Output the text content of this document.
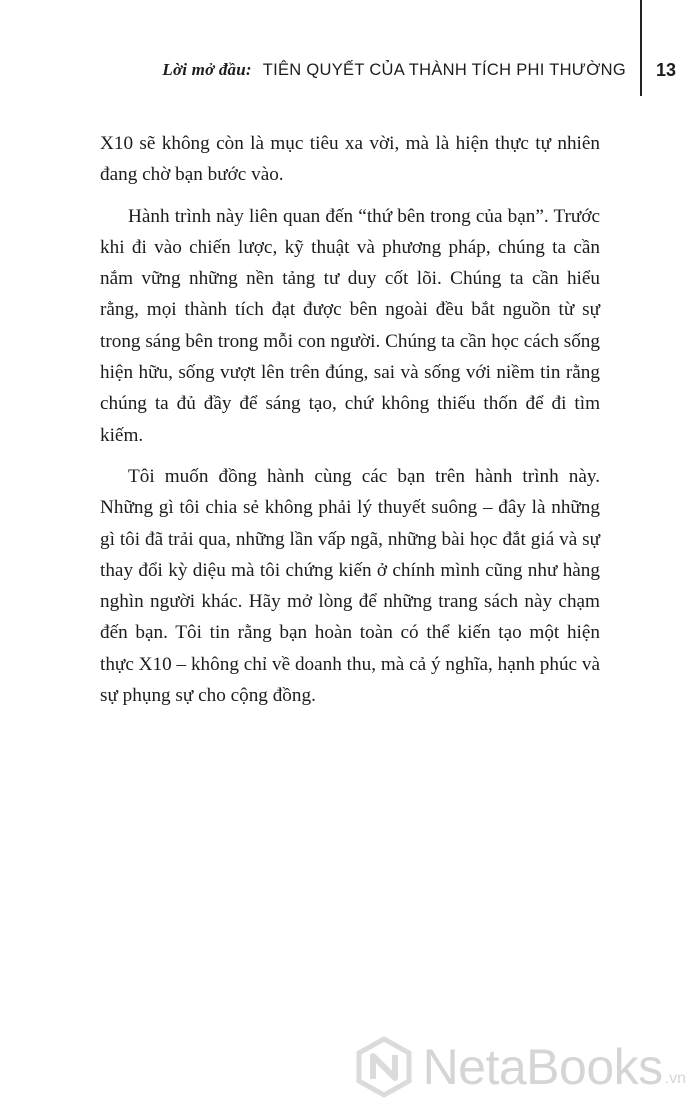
Lời mở đầu: TIÊN QUYẾT CỦA THÀNH TÍCH PHI THƯỜNG 13

X10 sẽ không còn là mục tiêu xa vời, mà là hiện thực tự nhiên đang chờ bạn bước vào.

Hành trình này liên quan đến “thứ bên trong của bạn”. Trước khi đi vào chiến lược, kỹ thuật và phương pháp, chúng ta cần nắm vững những nền tảng tư duy cốt lõi. Chúng ta cần hiểu rằng, mọi thành tích đạt được bên ngoài đều bắt nguồn từ sự trong sáng bên trong mỗi con người. Chúng ta cần học cách sống hiện hữu, sống vượt lên trên đúng, sai và sống với niềm tin rằng chúng ta đủ đầy để sáng tạo, chứ không thiếu thốn để đi tìm kiếm.

Tôi muốn đồng hành cùng các bạn trên hành trình này. Những gì tôi chia sẻ không phải lý thuyết suông – đây là những gì tôi đã trải qua, những lần vấp ngã, những bài học đắt giá và sự thay đổi kỳ diệu mà tôi chứng kiến ở chính mình cũng như hàng nghìn người khác. Hãy mở lòng để những trang sách này chạm đến bạn. Tôi tin rằng bạn hoàn toàn có thể kiến tạo một hiện thực X10 – không chỉ về doanh thu, mà cả ý nghĩa, hạnh phúc và sự phụng sự cho cộng đồng.

NetaBooks .vn
